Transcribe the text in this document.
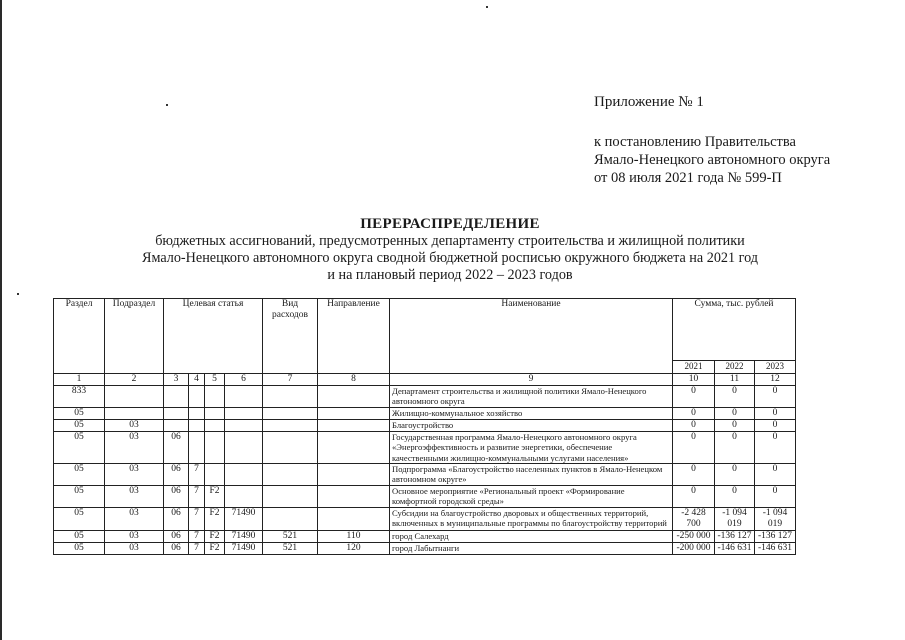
Приложение № 1
к постановлению Правительства
Ямало-Ненецкого автономного округа
от 08 июля 2021 года № 599-П
ПЕРЕРАСПРЕДЕЛЕНИЕ
бюджетных ассигнований, предусмотренных департаменту строительства и жилищной политики
Ямало-Ненецкого автономного округа сводной бюджетной росписью окружного бюджета на 2021 год
и на плановый период 2022 – 2023 годов
Раздел	Подраздел	Целевая статья				Вид расходов	Направление	Наименование	Сумма, тыс. рублей		
									2021	2022	2023
1	2	3	4	5	6	7	8	9	10	11	12
833								Департамент строительства и жилищной политики Ямало-Ненецкого автономного округа	0	0	0
05								Жилищно-коммунальное хозяйство	0	0	0
05	03							Благоустройство	0	0	0
05	03	06						Государственная программа Ямало-Ненецкого автономного округа «Энергоэффективность и развитие энергетики, обеспечение качественными жилищно-коммунальными услугами населения»	0	0	0
05	03	06	7					Подпрограмма «Благоустройство населенных пунктов в Ямало-Ненецком автономном округе»	0	0	0
05	03	06	7	F2				Основное мероприятие «Региональный проект «Формирование комфортной городской среды»	0	0	0
05	03	06	7	F2	71490			Субсидии на благоустройство дворовых и общественных территорий, включенных в муниципальные программы по благоустройству территорий	-2 428 700	-1 094 019	-1 094 019
05	03	06	7	F2	71490	521	110	город Салехард	-250 000	-136 127	-136 127
05	03	06	7	F2	71490	521	120	город Лабытнанги	-200 000	-146 631	-146 631
